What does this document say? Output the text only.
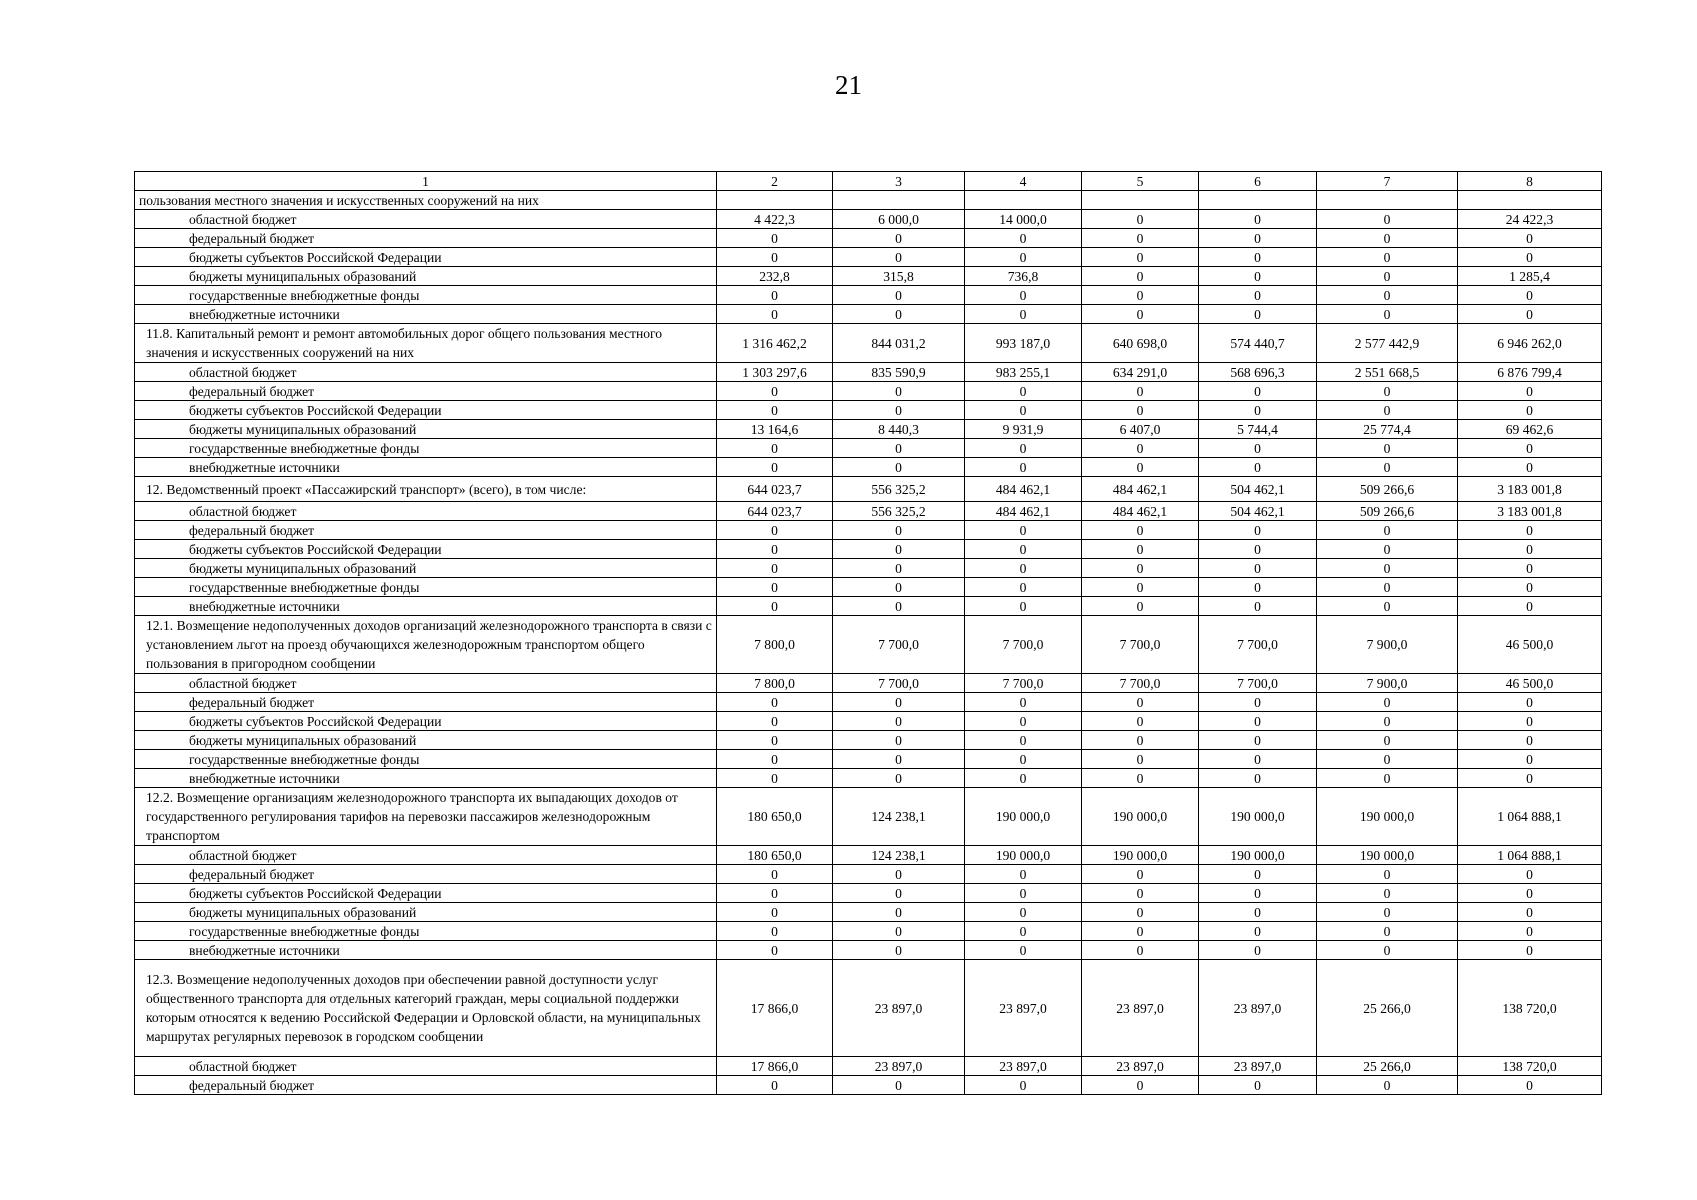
21
1	2	3	4	5	6	7	8
пользования местного значения и искусственных сооружений на них							
областной бюджет	4 422,3	6 000,0	14 000,0	0	0	0	24 422,3
федеральный бюджет	0	0	0	0	0	0	0
бюджеты субъектов Российской Федерации	0	0	0	0	0	0	0
бюджеты муниципальных образований	232,8	315,8	736,8	0	0	0	1 285,4
государственные внебюджетные фонды	0	0	0	0	0	0	0
внебюджетные источники	0	0	0	0	0	0	0
11.8. Капитальный ремонт и ремонт автомобильных дорог общего пользования местного значения и искусственных сооружений на них	1 316 462,2	844 031,2	993 187,0	640 698,0	574 440,7	2 577 442,9	6 946 262,0
областной бюджет	1 303 297,6	835 590,9	983 255,1	634 291,0	568 696,3	2 551 668,5	6 876 799,4
федеральный бюджет	0	0	0	0	0	0	0
бюджеты субъектов Российской Федерации	0	0	0	0	0	0	0
бюджеты муниципальных образований	13 164,6	8 440,3	9 931,9	6 407,0	5 744,4	25 774,4	69 462,6
государственные внебюджетные фонды	0	0	0	0	0	0	0
внебюджетные источники	0	0	0	0	0	0	0
12. Ведомственный проект «Пассажирский транспорт» (всего), в том числе:	644 023,7	556 325,2	484 462,1	484 462,1	504 462,1	509 266,6	3 183 001,8
областной бюджет	644 023,7	556 325,2	484 462,1	484 462,1	504 462,1	509 266,6	3 183 001,8
федеральный бюджет	0	0	0	0	0	0	0
бюджеты субъектов Российской Федерации	0	0	0	0	0	0	0
бюджеты муниципальных образований	0	0	0	0	0	0	0
государственные внебюджетные фонды	0	0	0	0	0	0	0
внебюджетные источники	0	0	0	0	0	0	0
12.1. Возмещение недополученных доходов организаций железнодорожного транспорта в связи с установлением льгот на проезд обучающихся железнодорожным транспортом общего пользования в пригородном сообщении	7 800,0	7 700,0	7 700,0	7 700,0	7 700,0	7 900,0	46 500,0
областной бюджет	7 800,0	7 700,0	7 700,0	7 700,0	7 700,0	7 900,0	46 500,0
федеральный бюджет	0	0	0	0	0	0	0
бюджеты субъектов Российской Федерации	0	0	0	0	0	0	0
бюджеты муниципальных образований	0	0	0	0	0	0	0
государственные внебюджетные фонды	0	0	0	0	0	0	0
внебюджетные источники	0	0	0	0	0	0	0
12.2. Возмещение организациям железнодорожного транспорта их выпадающих доходов от государственного регулирования тарифов на перевозки пассажиров железнодорожным транспортом	180 650,0	124 238,1	190 000,0	190 000,0	190 000,0	190 000,0	1 064 888,1
областной бюджет	180 650,0	124 238,1	190 000,0	190 000,0	190 000,0	190 000,0	1 064 888,1
федеральный бюджет	0	0	0	0	0	0	0
бюджеты субъектов Российской Федерации	0	0	0	0	0	0	0
бюджеты муниципальных образований	0	0	0	0	0	0	0
государственные внебюджетные фонды	0	0	0	0	0	0	0
внебюджетные источники	0	0	0	0	0	0	0
12.3. Возмещение недополученных доходов при обеспечении равной доступности услуг общественного транспорта для отдельных категорий граждан, меры социальной поддержки которым относятся к ведению Российской Федерации и Орловской области, на муниципальных маршрутах регулярных перевозок в городском сообщении	17 866,0	23 897,0	23 897,0	23 897,0	23 897,0	25 266,0	138 720,0
областной бюджет	17 866,0	23 897,0	23 897,0	23 897,0	23 897,0	25 266,0	138 720,0
федеральный бюджет	0	0	0	0	0	0	0
